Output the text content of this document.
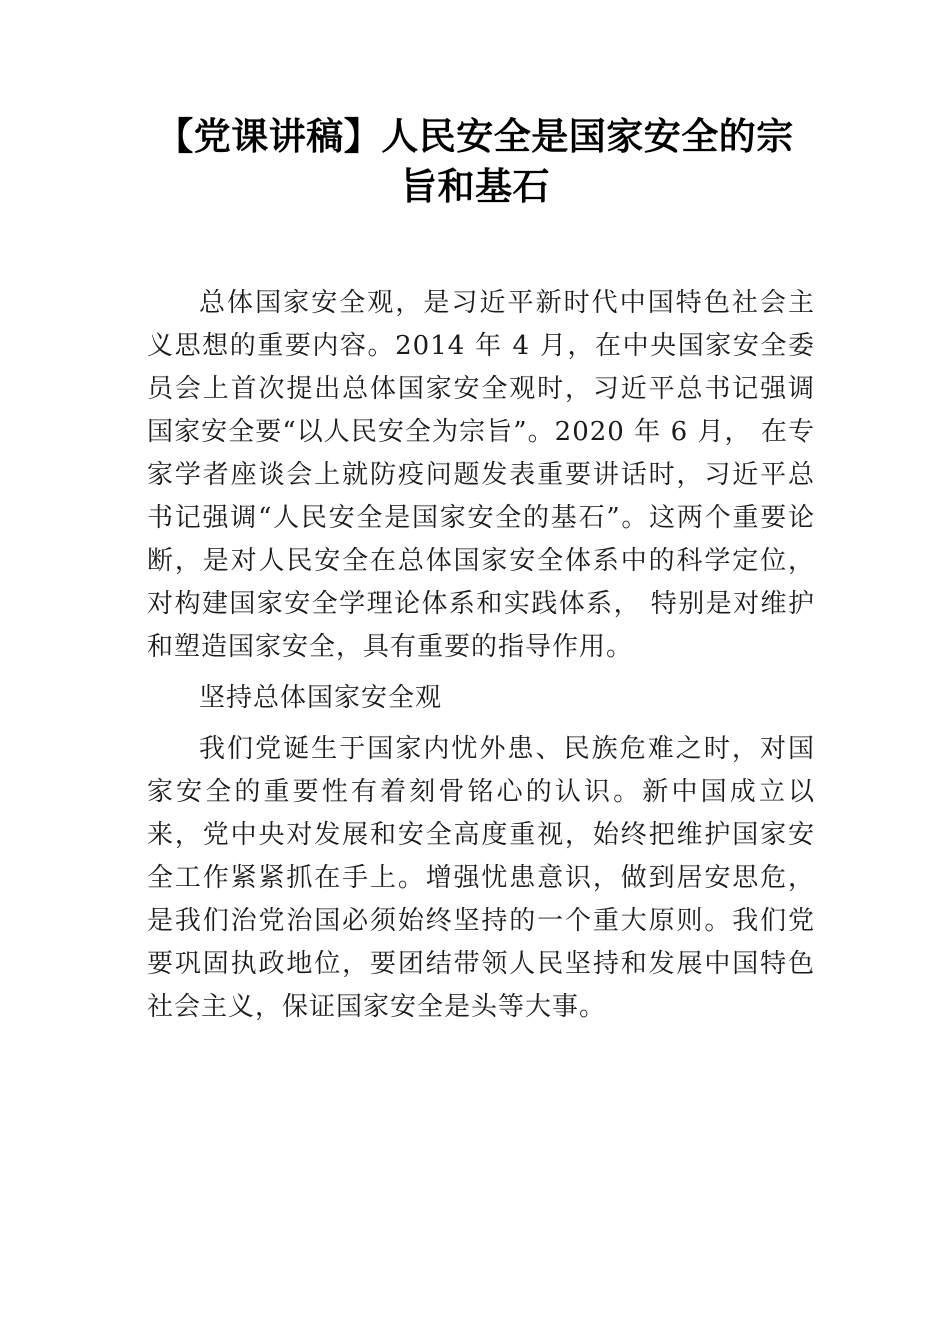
【党课讲稿】人民安全是国家安全的宗旨和基石

总体国家安全观，是习近平新时代中国特色社会主义思想的重要内容。2014 年 4 月，在中央国家安全委员会上首次提出总体国家安全观时，习近平总书记强调国家安全要“以人民安全为宗旨”。2020 年 6 月， 在专家学者座谈会上就防疫问题发表重要讲话时，习近平总书记强调“人民安全是国家安全的基石”。这两个重要论断，是对人民安全在总体国家安全体系中的科学定位，对构建国家安全学理论体系和实践体系， 特别是对维护和塑造国家安全，具有重要的指导作用。

坚持总体国家安全观

我们党诞生于国家内忧外患、民族危难之时，对国家安全的重要性有着刻骨铭心的认识。新中国成立以来，党中央对发展和安全高度重视，始终把维护国家安全工作紧紧抓在手上。增强忧患意识，做到居安思危，是我们治党治国必须始终坚持的一个重大原则。我们党要巩固执政地位，要团结带领人民坚持和发展中国特色社会主义，保证国家安全是头等大事。
